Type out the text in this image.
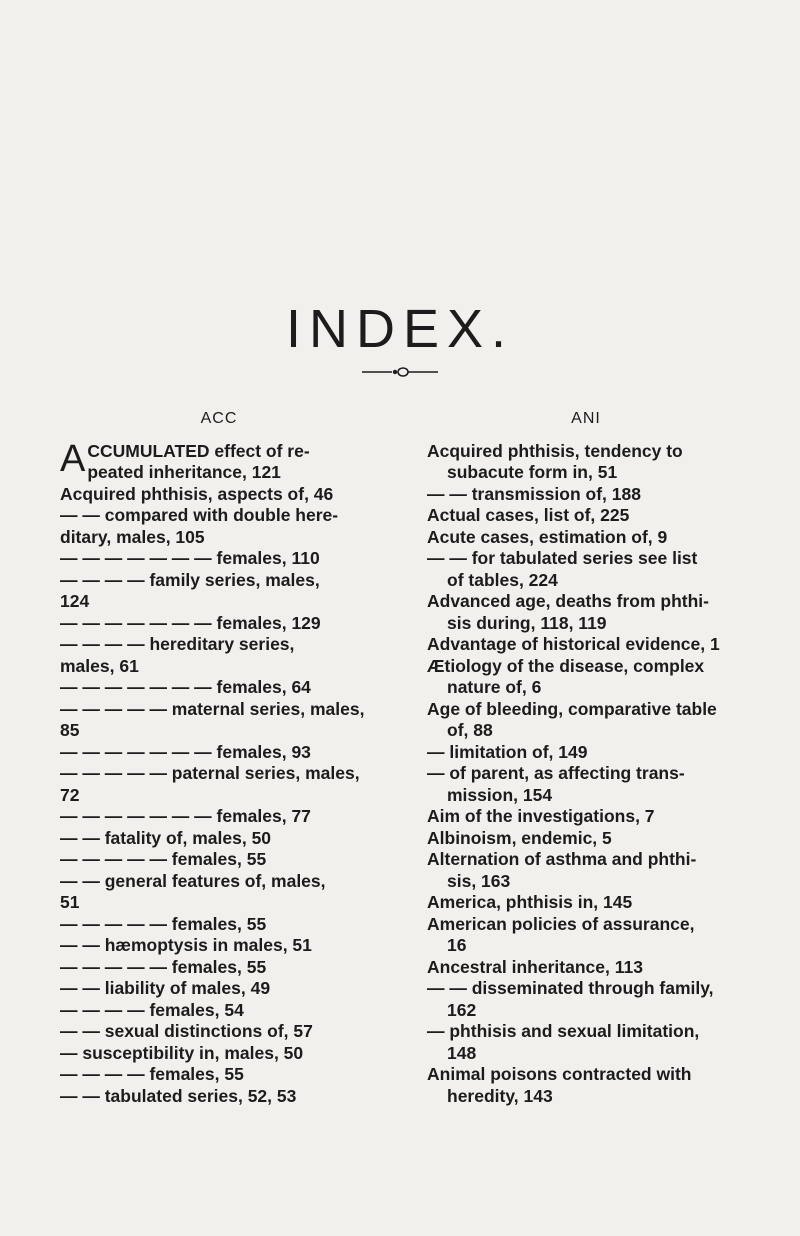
INDEX.
ACC
ACCUMULATED effect of re-
peated inheritance, 121
Acquired phthisis, aspects of, 46
— — compared with double here-
ditary, males, 105
— — — — — — — females, 110
— — — — family series, males,
124
— — — — — — — females, 129
— — — — hereditary series,
males, 61
— — — — — — — females, 64
— — — — — maternal series, males,
85
— — — — — — — females, 93
— — — — — paternal series, males,
72
— — — — — — — females, 77
— — fatality of, males, 50
— — — — — females, 55
— — general features of, males,
51
— — — — — females, 55
— — hæmoptysis in males, 51
— — — — — females, 55
— — liability of males, 49
— — — — females, 54
— — sexual distinctions of, 57
— susceptibility in, males, 50
— — — — females, 55
— — tabulated series, 52, 53
ANI
Acquired phthisis, tendency to
subacute form in, 51
— — transmission of, 188
Actual cases, list of, 225
Acute cases, estimation of, 9
— — for tabulated series see list
of tables, 224
Advanced age, deaths from phthi-
sis during, 118, 119
Advantage of historical evidence, 1
Ætiology of the disease, complex
nature of, 6
Age of bleeding, comparative table
of, 88
— limitation of, 149
— of parent, as affecting trans-
mission, 154
Aim of the investigations, 7
Albinoism, endemic, 5
Alternation of asthma and phthi-
sis, 163
America, phthisis in, 145
American policies of assurance,
16
Ancestral inheritance, 113
— — disseminated through family,
162
— phthisis and sexual limitation,
148
Animal poisons contracted with
heredity, 143
